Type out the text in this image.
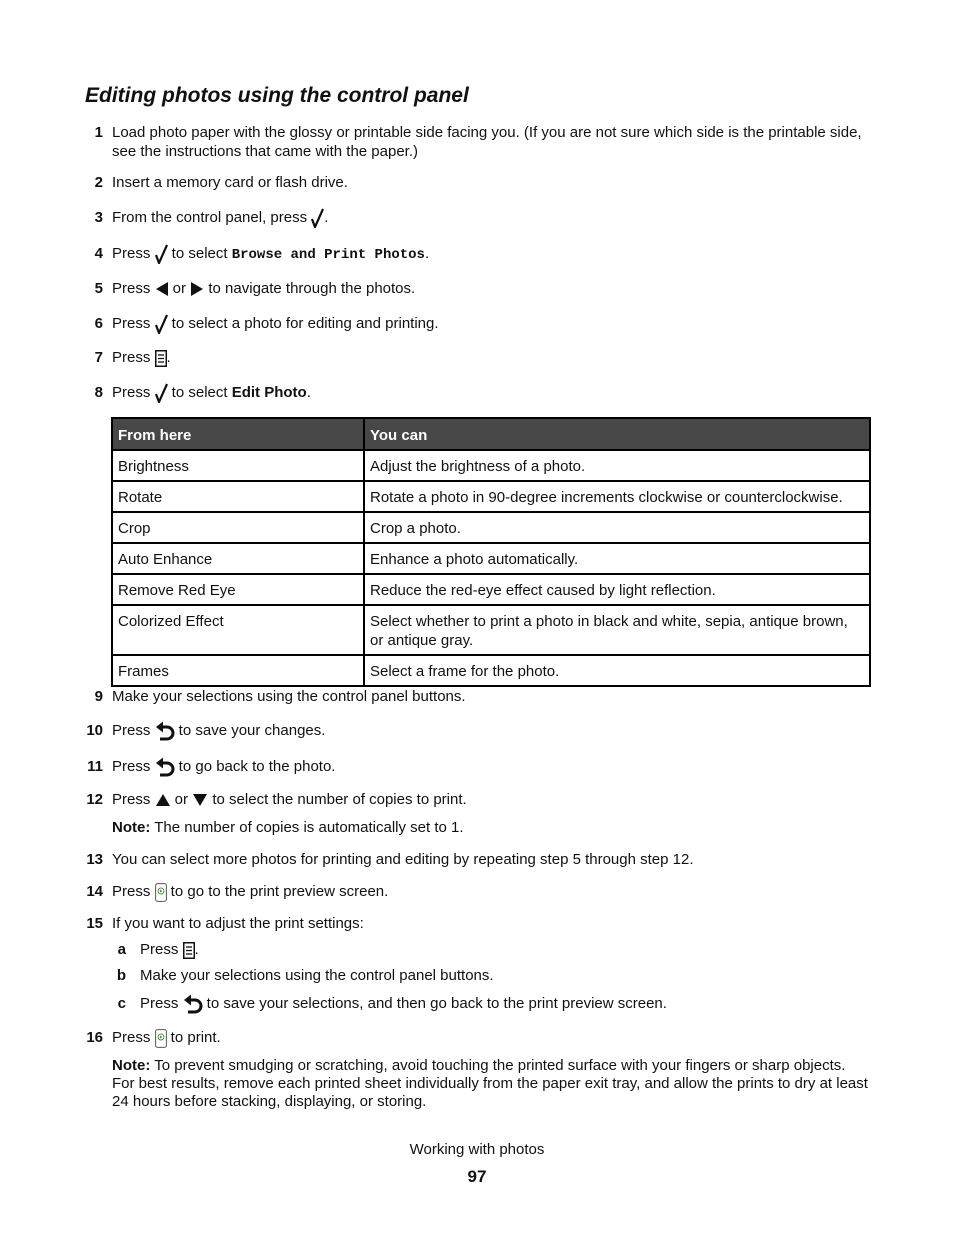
Editing photos using the control panel
1 Load photo paper with the glossy or printable side facing you. (If you are not sure which side is the printable side, see the instructions that came with the paper.)
2 Insert a memory card or flash drive.
3 From the control panel, press .
4 Press  to select Browse and Print Photos.
5 Press  or  to navigate through the photos.
6 Press  to select a photo for editing and printing.
7 Press .
8 Press  to select Edit Photo.
From here	You can
Brightness	Adjust the brightness of a photo.
Rotate	Rotate a photo in 90-degree increments clockwise or counterclockwise.
Crop	Crop a photo.
Auto Enhance	Enhance a photo automatically.
Remove Red Eye	Reduce the red-eye effect caused by light reflection.
Colorized Effect	Select whether to print a photo in black and white, sepia, antique brown, or antique gray.
Frames	Select a frame for the photo.
9 Make your selections using the control panel buttons.
10 Press  to save your changes.
11 Press  to go back to the photo.
12 Press  or  to select the number of copies to print.
Note: The number of copies is automatically set to 1.
13 You can select more photos for printing and editing by repeating step 5 through step 12.
14 Press  to go to the print preview screen.
15 If you want to adjust the print settings:
a Press .
b Make your selections using the control panel buttons.
c Press  to save your selections, and then go back to the print preview screen.
16 Press  to print.
Note: To prevent smudging or scratching, avoid touching the printed surface with your fingers or sharp objects. For best results, remove each printed sheet individually from the paper exit tray, and allow the prints to dry at least 24 hours before stacking, displaying, or storing.
Working with photos
97
